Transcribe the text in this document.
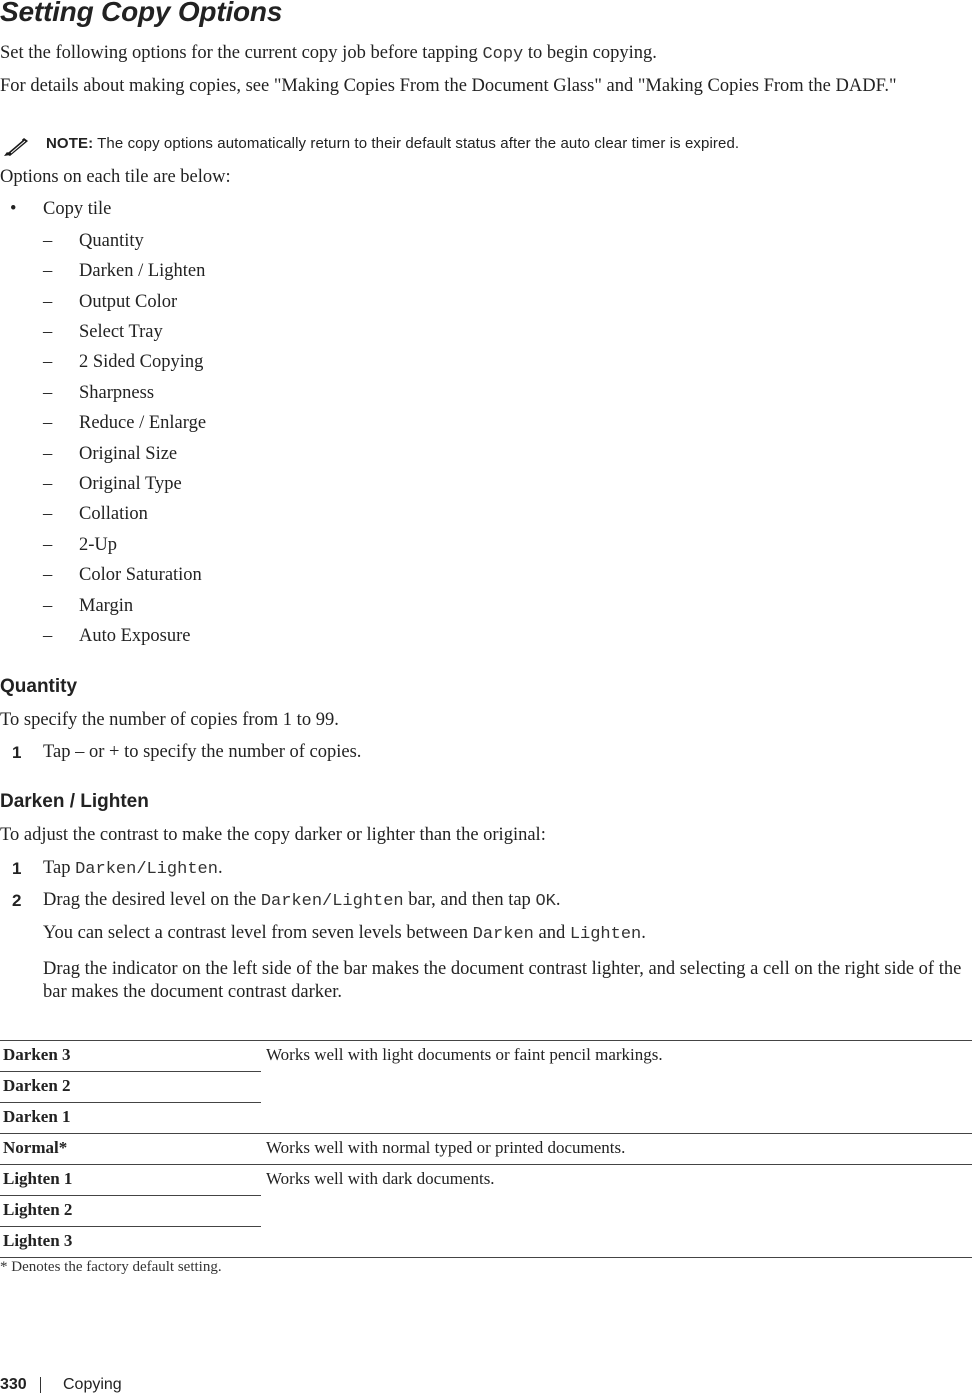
Setting Copy Options

Set the following options for the current copy job before tapping Copy to begin copying.

For details about making copies, see "Making Copies From the Document Glass" and "Making Copies From the DADF."

NOTE: The copy options automatically return to their default status after the auto clear timer is expired.

Options on each tile are below:

• Copy tile
– Quantity
– Darken / Lighten
– Output Color
– Select Tray
– 2 Sided Copying
– Sharpness
– Reduce / Enlarge
– Original Size
– Original Type
– Collation
– 2-Up
– Color Saturation
– Margin
– Auto Exposure
Quantity

To specify the number of copies from 1 to 99.

1 Tap – or + to specify the number of copies.
Darken / Lighten

To adjust the contrast to make the copy darker or lighter than the original:

1 Tap Darken/Lighten.
2 Drag the desired level on the Darken/Lighten bar, and then tap OK.
You can select a contrast level from seven levels between Darken and Lighten.
Drag the indicator on the left side of the bar makes the document contrast lighter, and selecting a cell on the right side of the bar makes the document contrast darker.
Darken 3	Works well with light documents or faint pencil markings.
Darken 2	
Darken 1	
Normal*	Works well with normal typed or printed documents.
Lighten 1	Works well with dark documents.
Lighten 2	
Lighten 3	
* Denotes the factory default setting.
330 Copying
